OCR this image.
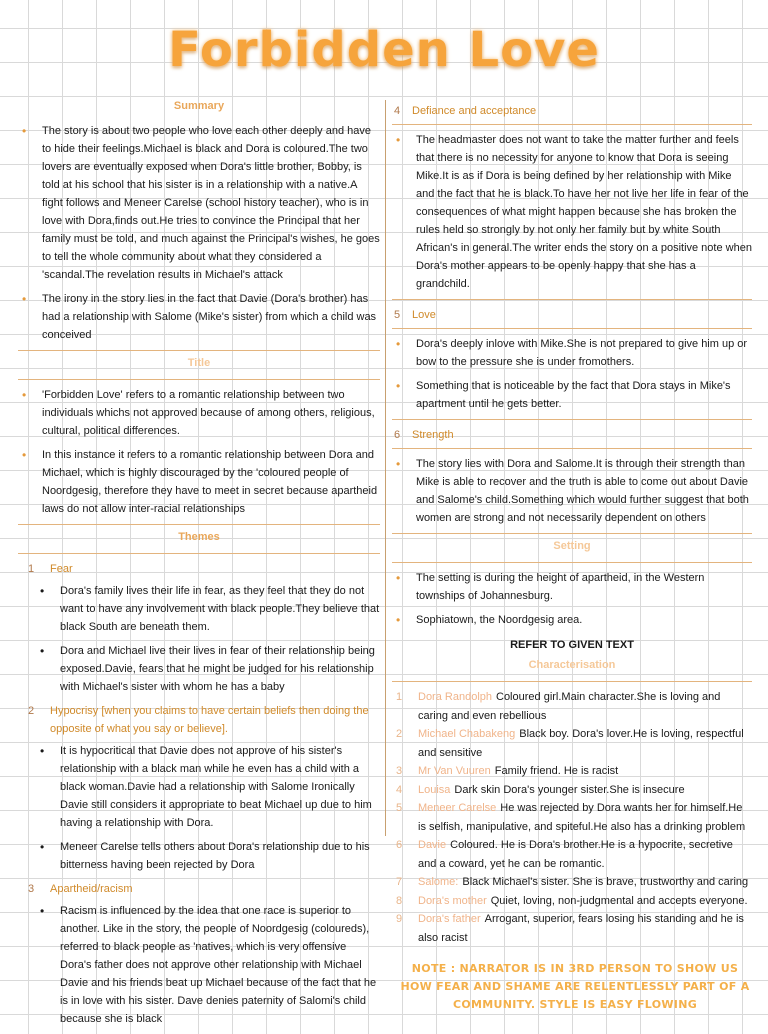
Forbidden Love
Summary
• The story is about two people who love each other deeply and have to hide their feelings.Michael is black and Dora is coloured.The two lovers are eventually exposed when Dora's little brother, Bobby, is told at his school that his sister is in a relationship with a native.A fight follows and Meneer Carelse (school history teacher), who is in love with Dora,finds out.He tries to convince the Principal that her family must be told, and much against the Principal's wishes, he goes to tell the whole community about what they considered a 'scandal.The revelation results in Michael's attack
• The irony in the story lies in the fact that Davie (Dora's brother) has had a relationship with Salome (Mike's sister) from which a child was conceived
Title
• 'Forbidden Love' refers to a romantic relationship between two individuals whichs not approved because of among others, religious, cultural, political differences.
• In this instance it refers to a romantic relationship between Dora and Michael, which is highly discouraged by the 'coloured people of Noordgesig, therefore they have to meet in secret because apartheid laws do not allow inter-racial relationships
Themes
1 Fear
• Dora's family lives their life in fear, as they feel that they do not want to have any involvement with black people.They believe that black South are beneath them.
• Dora and Michael live their lives in fear of their relationship being exposed.Davie, fears that he might be judged for his relationship with Michael's sister with whom he has a baby
2 Hypocrisy [when you claims to have certain beliefs then doing the opposite of what you say or believe].
• It is hypocritical that Davie does not approve of his sister's relationship with a black man while he even has a child with a black woman.Davie had a relationship with Salome Ironically Davie still considers it appropriate to beat Michael up due to him having a relationship with Dora.
• Meneer Carelse tells others about Dora's relationship due to his bitterness having been rejected by Dora
3 Apartheid/racism
• Racism is influenced by the idea that one race is superior to another. Like in the story, the people of Noordgesig (coloureds), referred to black people as 'natives, which is very offensive Dora's father does not approve other relationship with Michael Davie and his friends beat up Michael because of the fact that he is in love with his sister. Dave denies paternity of Salomi's child because she is black
4 Defiance and acceptance
• The headmaster does not want to take the matter further and feels that there is no necessity for anyone to know that Dora is seeing Mike.It is as if Dora is being defined by her relationship with Mike and the fact that he is black.To have her not live her life in fear of the consequences of what might happen because she has broken the rules held so strongly by not only her family but by white South African's in general.The writer ends the story on a positive note when Dora's mother appears to be openly happy that she has a grandchild.
5 Love
• Dora's deeply inlove with Mike.She is not prepared to give him up or bow to the pressure she is under fromothers.
• Something that is noticeable by the fact that Dora stays in Mike's apartment until he gets better.
6 Strength
• The story lies with Dora and Salome.It is through their strength than Mike is able to recover and the truth is able to come out about Davie and Salome's child.Something which would further suggest that both women are strong and not necessarily dependent on others
Setting
• The setting is during the height of apartheid, in the Western townships of Johannesburg.
• Sophiatown, the Noordgesig area.
REFER TO GIVEN TEXT
Characterisation
1 Dora Randolph Coloured girl.Main character.She is loving and caring and even rebellious
2 Michael Chabakeng Black boy. Dora's lover.He is loving, respectful and sensitive
3 Mr Van Vuuren Family friend. He is racist
4 Louisa Dark skin Dora's younger sister.She is insecure
5 Meneer Carelse He was rejected by Dora wants her for himself.He is selfish, manipulative, and spiteful.He also has a drinking problem
6 Davie Coloured. He is Dora's brother.He is a hypocrite, secretive and a coward, yet he can be romantic.
7 Salome: Black Michael's sister. She is brave, trustworthy and caring
8 Dora's mother Quiet, loving, non-judgmental and accepts everyone.
9 Dora's father Arrogant, superior, fears losing his standing and he is also racist
NOTE : NARRATOR IS IN 3RD PERSON TO SHOW US HOW FEAR AND SHAME ARE RELENTLESSLY PART OF A COMMUNITY. STYLE IS EASY FLOWING
